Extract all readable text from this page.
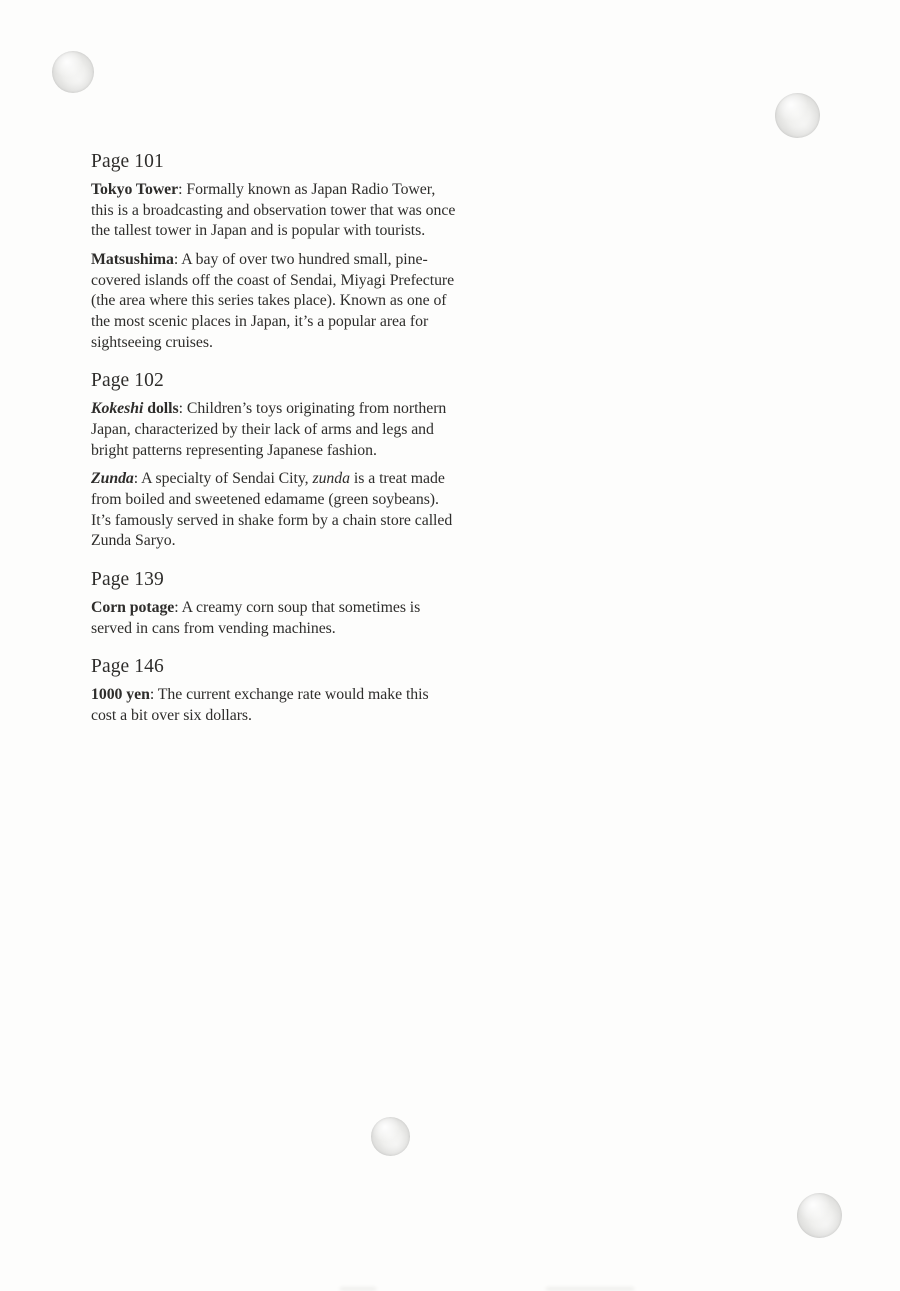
Page 101

Tokyo Tower: Formally known as Japan Radio Tower, this is a broadcasting and observation tower that was once the tallest tower in Japan and is popular with tourists.

Matsushima: A bay of over two hundred small, pine-covered islands off the coast of Sendai, Miyagi Prefecture (the area where this series takes place). Known as one of the most scenic places in Japan, it’s a popular area for sightseeing cruises.

Page 102

Kokeshi dolls: Children’s toys originating from northern Japan, characterized by their lack of arms and legs and bright patterns representing Japanese fashion.

Zunda: A specialty of Sendai City, zunda is a treat made from boiled and sweetened edamame (green soybeans). It’s famously served in shake form by a chain store called Zunda Saryo.

Page 139

Corn potage: A creamy corn soup that sometimes is served in cans from vending machines.

Page 146

1000 yen: The current exchange rate would make this cost a bit over six dollars.
